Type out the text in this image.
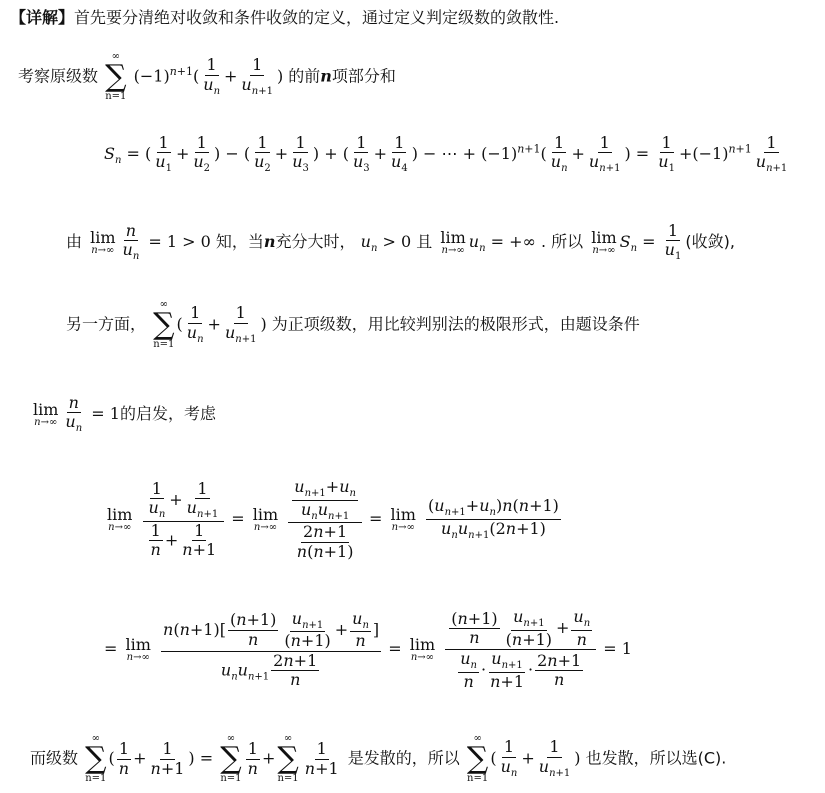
【详解】首先要分清绝对收敛和条件收敛的定义，通过定义判定级数的敛散性.
考察原级数
∞
∑
n=1
$(-1)^{n+1}( \frac{1}{u_n} + \frac{1}{u_{n+1}}$ ) 的前n项部分和
$S_n$ = ( $\frac{1}{u_1} + \frac{1}{u_2}$ ) − ( $\frac{1}{u_2} + \frac{1}{u_3}$ ) + ( $\frac{1}{u_3} + \frac{1}{u_4}$ ) − ⋯ + $(-1)^{n+1}( \frac{1}{u_n} + \frac{1}{u_{n+1}}$ ) = $\frac{1}{u_1} +(-1)^{n+1} \frac{1}{u_{n+1}}$
由 lim
$n\to\infty \frac{n}{u_n} = 1 > 0$ 知，当n充分大时， $u_n > 0$ 且 lim
n→∞ $u_n$ = +∞ . 所以 lim
n→∞ $S_n = \frac{1}{u_1}$ (收敛),
另一方面，
∞
∑
n=1
( $\frac{1}{u_n} + \frac{1}{u_{n+1}}$ ) 为正项级数，用比较判别法的极限形式，由题设条件
lim
$n\to\infty \frac{n}{u_n} = 1$的启发，考虑
lim
n→∞
$\frac{\frac{1}{u_n} + \frac{1}{u_{n+1}}}{\frac{1}{n} + \frac{1}{n+1}} = \lim$
n→∞
$\frac{\frac{u_{n+1}+u_n}{u_nu_{n+1}}}{\frac{2n+1}{n(n+1)}} = \lim$
n→∞
$\frac{(u_{n+1}+u_n)n(n+1)}{u_nu_{n+1}(2n+1)}$
= lim
n→∞
$\frac{n(n+1)[ \frac{(n+1)}{n} \frac{u_{n+1}}{(n+1)} + \frac{u_n}{n} ]}{u_nu_{n+1} \frac{2n+1}{n}} = \lim$
n→∞
$\frac{\frac{(n+1)}{n} \frac{u_{n+1}}{(n+1)} + \frac{u_n}{n}}{\frac{u_n}{n} \cdot \frac{u_{n+1}}{n+1} \cdot \frac{2n+1}{n}} = 1$
而级数
∞
∑
n=1
( $\frac{1}{n} + \frac{1}{n+1}$ ) =
∞
∑
n=1
$\frac{1}{n}$ +
∞
∑
n=1
$\frac{1}{n+1}$ 是发散的，所以
∞
∑
n=1
( $\frac{1}{u_n} + \frac{1}{u_{n+1}}$ ) 也发散，所以选(C).
